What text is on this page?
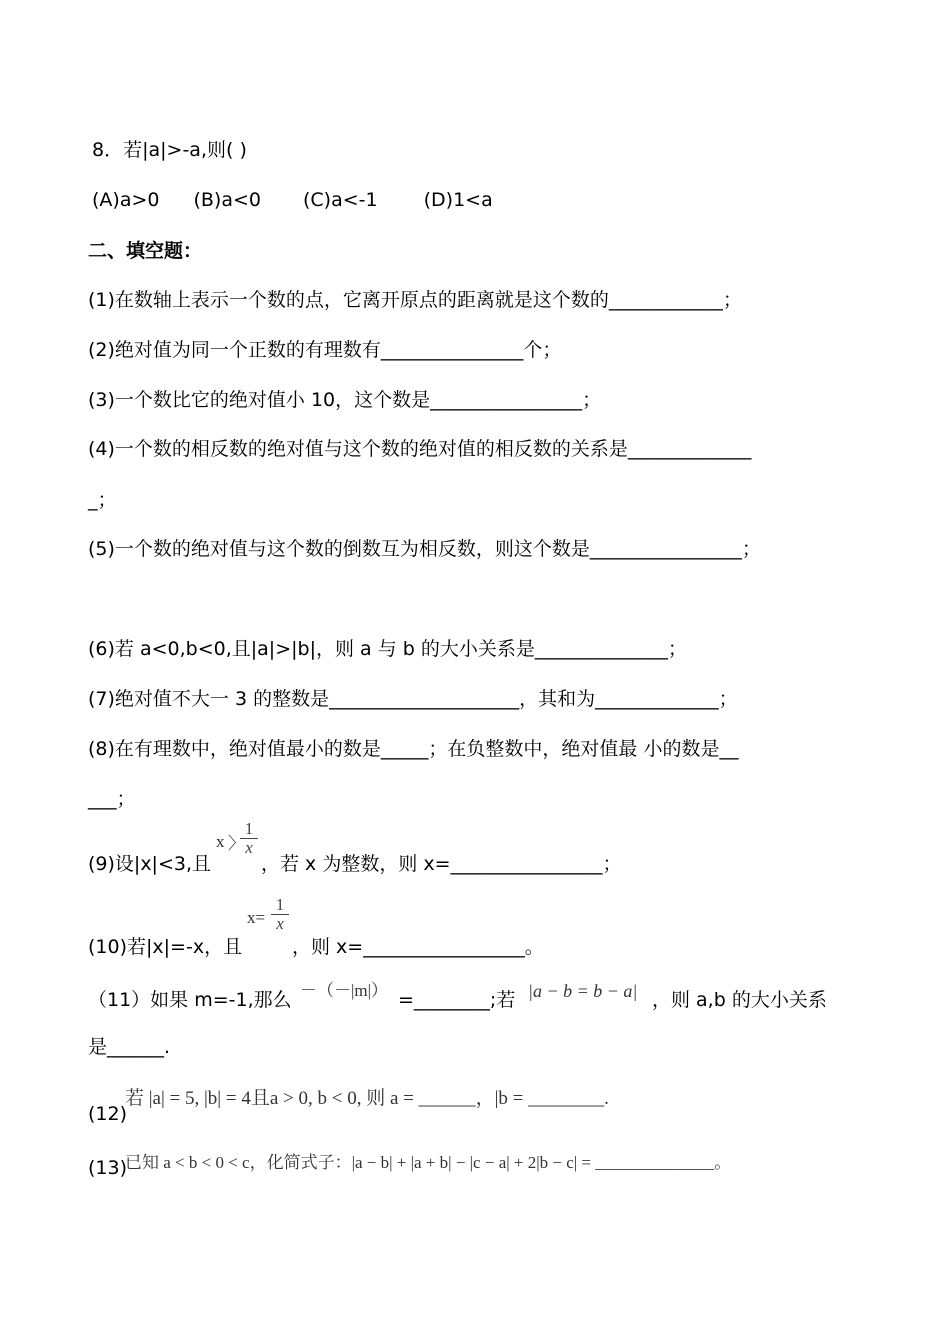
8．若|a|>-a,则( )
(A)a>0 (B)a<0 (C)a<-1 (D)1<a
二、填空题：
(1)在数轴上表示一个数的点，它离开原点的距离就是这个数的____________；
(2)绝对值为同一个正数的有理数有_______________个；
(3)一个数比它的绝对值小 10，这个数是________________；
(4)一个数的相反数的绝对值与这个数的绝对值的相反数的关系是_____________
_；
(5)一个数的绝对值与这个数的倒数互为相反数，则这个数是________________；
(6)若 a<0,b<0,且|a|>|b|，则 a 与 b 的大小关系是______________；
(7)绝对值不大一 3 的整数是____________________，其和为_____________；
(8)在有理数中，绝对值最小的数是_____；在负整数中，绝对值最 小的数是__
___；
(9)设|x|<3,且
x 〉
1
x
，若 x 为整数，则 x=________________；
(10)若|x|=-x，且
x=
1
x
，则 x=_________________。
（11）如果 m=-1,那么 －（－|m|） =________;若 |a − b = b − a| ，则 a,b 的大小关系
是______.
(12)
若 |a| = 5, |b| = 4且a > 0, b < 0, 则 a = ______，|b = ________.
(13)
已知 a < b < 0 < c，化简式子：|a − b| + |a + b| − |c − a| + 2|b − c| = ______________。
